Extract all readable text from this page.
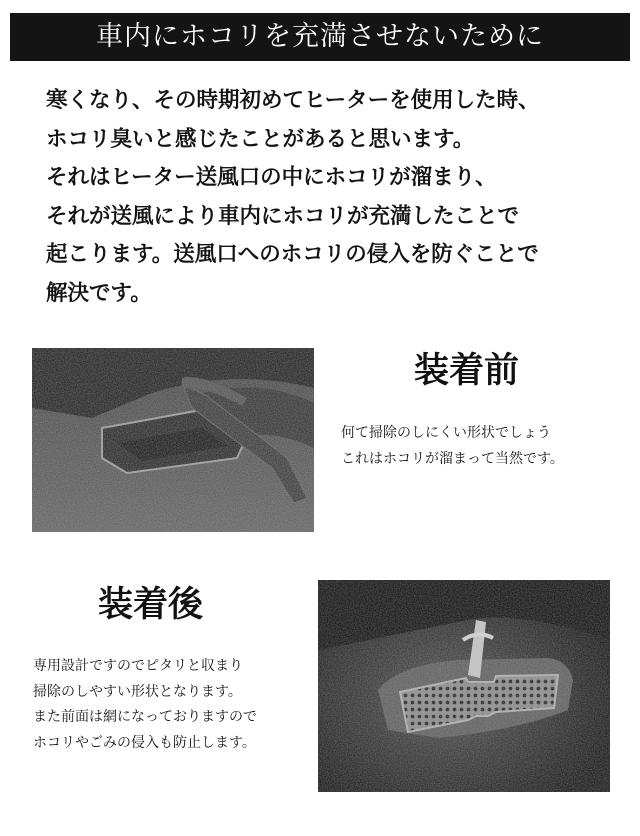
車内にホコリを充満させないために
寒くなり、その時期初めてヒーターを使用した時、
ホコリ臭いと感じたことがあると思います。
それはヒーター送風口の中にホコリが溜まり、
それが送風により車内にホコリが充満したことで
起こります。送風口へのホコリの侵入を防ぐことで
解決です。
装着前
何て掃除のしにくい形状でしょう
これはホコリが溜まって当然です。
装着後
専用設計ですのでピタリと収まり
掃除のしやすい形状となります。
また前面は網になっておりますので
ホコリやごみの侵入も防止します。
